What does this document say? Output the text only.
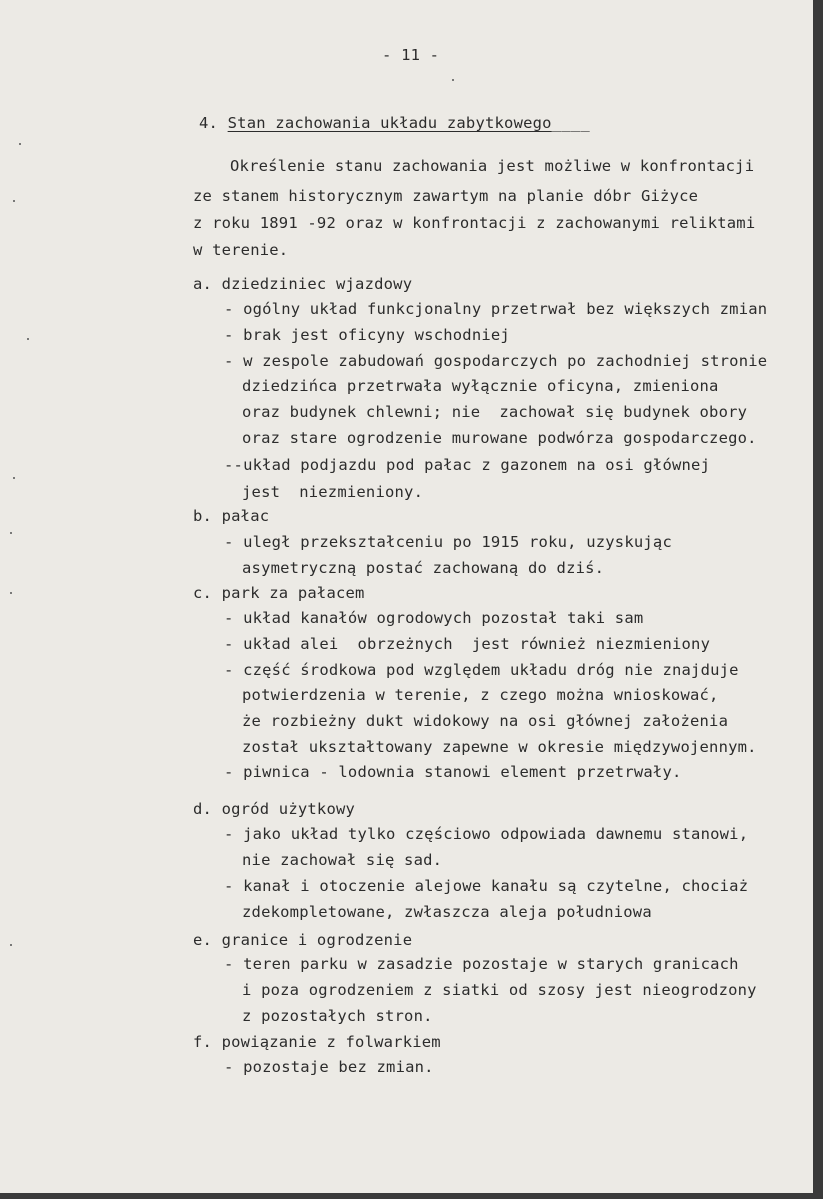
- 11 -
4. Stan zachowania układu zabytkowego____
Określenie stanu zachowania jest możliwe w konfrontacji
ze stanem historycznym zawartym na planie dóbr Giżyce
z roku 1891 -92 oraz w konfrontacji z zachowanymi reliktami
w terenie.
a. dziedziniec wjazdowy
- ogólny układ funkcjonalny przetrwał bez większych zmian
- brak jest oficyny wschodniej
- w zespole zabudowań gospodarczych po zachodniej stronie
dziedzińca przetrwała wyłącznie oficyna, zmieniona
oraz budynek chlewni; nie  zachował się budynek obory
oraz stare ogrodzenie murowane podwórza gospodarczego.
--układ podjazdu pod pałac z gazonem na osi głównej
jest  niezmieniony.
b. pałac
- uległ przekształceniu po 1915 roku, uzyskując
asymetryczną postać zachowaną do dziś.
c. park za pałacem
- układ kanałów ogrodowych pozostał taki sam
- układ alei  obrzeżnych  jest również niezmieniony
- część środkowa pod względem układu dróg nie znajduje
potwierdzenia w terenie, z czego można wnioskować,
że rozbieżny dukt widokowy na osi głównej założenia
został ukształtowany zapewne w okresie międzywojennym.
- piwnica - lodownia stanowi element przetrwały.
d. ogród użytkowy
- jako układ tylko częściowo odpowiada dawnemu stanowi,
nie zachował się sad.
- kanał i otoczenie alejowe kanału są czytelne, chociaż
zdekompletowane, zwłaszcza aleja południowa
e. granice i ogrodzenie
- teren parku w zasadzie pozostaje w starych granicach
i poza ogrodzeniem z siatki od szosy jest nieogrodzony
z pozostałych stron.
f. powiązanie z folwarkiem
- pozostaje bez zmian.
